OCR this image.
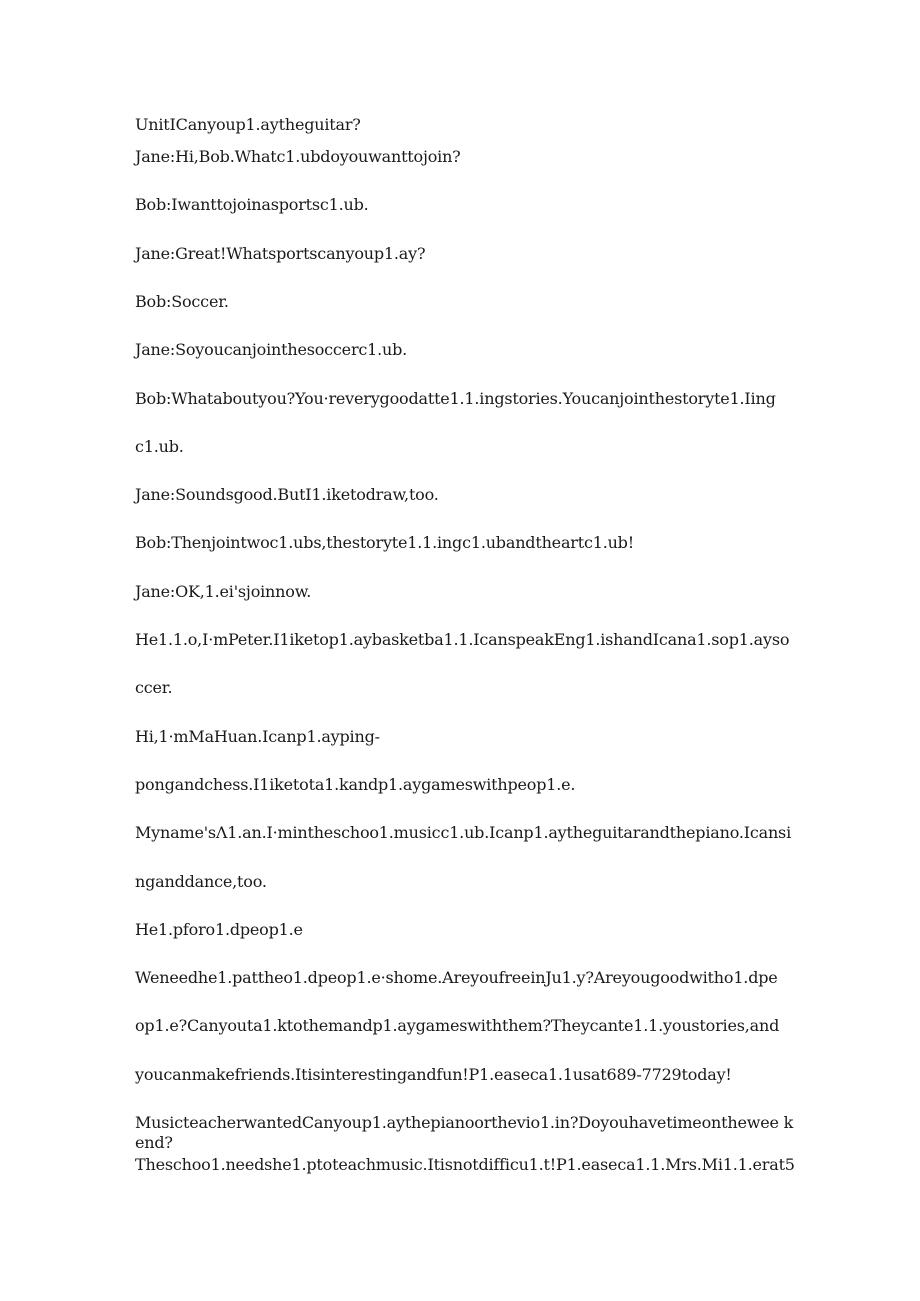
UnitICanyoup1.aytheguitar?
Jane:Hi,Bob.Whatc1.ubdoyouwanttojoin?
Bob:Iwanttojoinasportsc1.ub.
Jane:Great!Whatsportscanyoup1.ay?
Bob:Soccer.
Jane:Soyoucanjointhesoccerc1.ub.
Bob:Whataboutyou?You·reverygoodatte1.1.ingstories.Youcanjointhestoryte1.Iing
c1.ub.
Jane:Soundsgood.ButI1.iketodraw,too.
Bob:Thenjointwoc1.ubs,thestoryte1.1.ingc1.ubandtheartc1.ub!
Jane:OK,1.ei'sjoinnow.
He1.1.o,I·mPeter.I1iketop1.aybasketba1.1.IcanspeakEng1.ishandIcana1.sop1.ayso
ccer.
Hi,1·mMaHuan.Icanp1.ayping-
pongandchess.I1iketota1.kandp1.aygameswithpeop1.e.
Myname'sΛ1.an.I·mintheschoo1.musicc1.ub.Icanp1.aytheguitarandthepiano.Icansi
nganddance,too.
He1.pforo1.dpeop1.e
Weneedhe1.pattheo1.dpeop1.e·shome.AreyoufreeinJu1.y?Areyougoodwitho1.dpe
op1.e?Canyouta1.ktothemandp1.aygameswiththem?Theycante1.1.youstories,and
youcanmakefriends.Itisinterestingandfun!P1.easeca1.1usat689-7729today!
MusicteacherwantedCanyoup1.aythepianoorthevio1.in?Doyouhavetimeonthewee kend?
Theschoo1.needshe1.ptoteachmusic.Itisnotdifficu1.t!P1.easeca1.1.Mrs.Mi1.1.erat5
